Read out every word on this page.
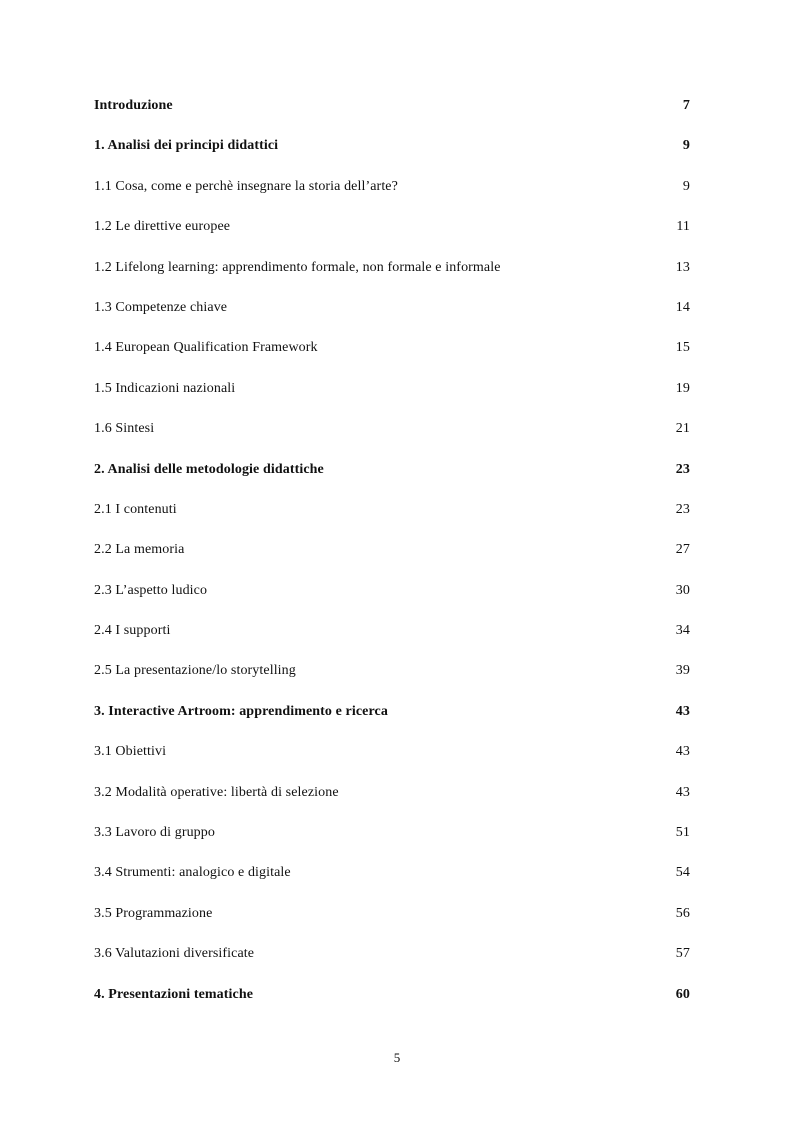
Introduzione	7
1. Analisi dei principi didattici	9
1.1 Cosa, come e perchè insegnare la storia dell’arte?	9
1.2 Le direttive europee	11
1.2 Lifelong learning: apprendimento formale, non formale e informale	13
1.3 Competenze chiave	14
1.4 European Qualification Framework	15
1.5 Indicazioni nazionali	19
1.6 Sintesi	21
2. Analisi delle metodologie didattiche	23
2.1 I contenuti	23
2.2 La memoria	27
2.3 L’aspetto ludico	30
2.4 I supporti	34
2.5 La presentazione/lo storytelling	39
3. Interactive Artroom: apprendimento e ricerca	43
3.1 Obiettivi	43
3.2 Modalità operative: libertà di selezione	43
3.3 Lavoro di gruppo	51
3.4 Strumenti: analogico e digitale	54
3.5 Programmazione	56
3.6 Valutazioni diversificate	57
4. Presentazioni tematiche	60

5
